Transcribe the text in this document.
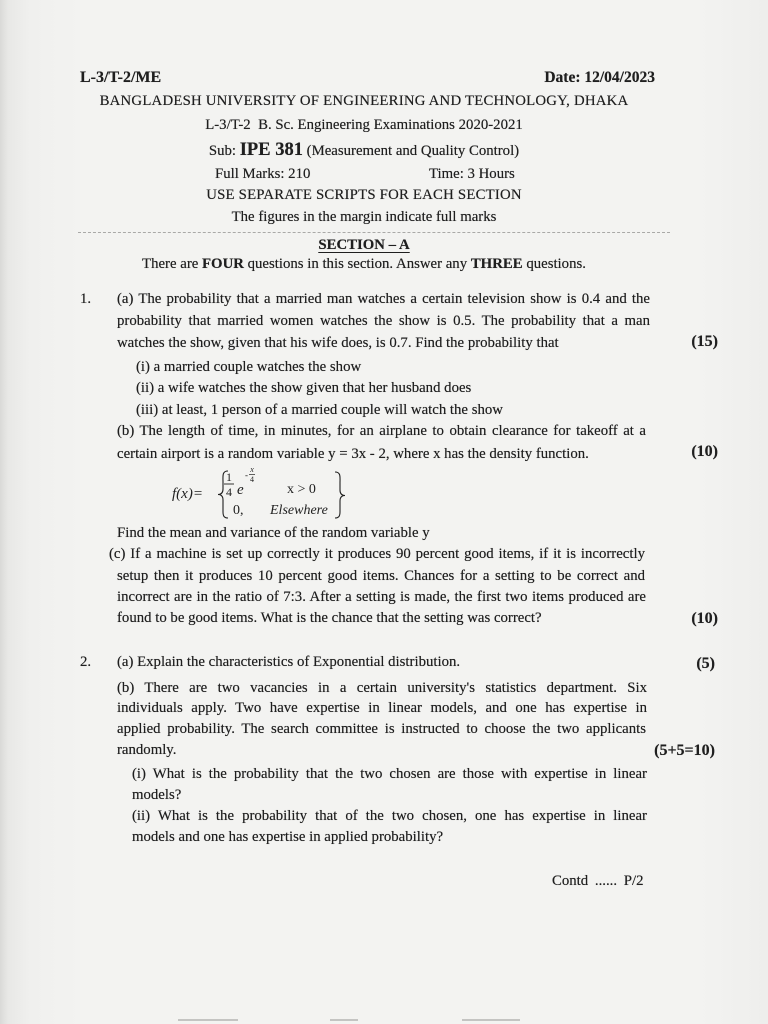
L-3/T-2/ME	Date: 12/04/2023
BANGLADESH UNIVERSITY OF ENGINEERING AND TECHNOLOGY, DHAKA
L-3/T-2  B. Sc. Engineering Examinations 2020-2021
Sub: IPE 381 (Measurement and Quality Control)
Full Marks: 210	Time: 3 Hours
USE SEPARATE SCRIPTS FOR EACH SECTION
The figures in the margin indicate full marks
SECTION – A
There are FOUR questions in this section. Answer any THREE questions.
1. (a) The probability that a married man watches a certain television show is 0.4 and the
probability that married women watches the show is 0.5. The probability that a man
watches the show, given that his wife does, is 0.7. Find the probability that	(15)
(i) a married couple watches the show
(ii) a wife watches the show given that her husband does
(iii) at least, 1 person of a married couple will watch the show
(b) The length of time, in minutes, for an airplane to obtain clearance for takeoff at a
certain airport is a random variable y = 3x - 2, where x has the density function.	(10)
f(x)=
1
4 e
-
x
4
x > 0
0, Elsewhere
Find the mean and variance of the random variable y
(c) If a machine is set up correctly it produces 90 percent good items, if it is incorrectly
setup then it produces 10 percent good items. Chances for a setting to be correct and
incorrect are in the ratio of 7:3. After a setting is made, the first two items produced are
found to be good items. What is the chance that the setting was correct?	(10)
2. (a) Explain the characteristics of Exponential distribution.	(5)
(b) There are two vacancies in a certain university's statistics department. Six
individuals apply. Two have expertise in linear models, and one has expertise in
applied probability. The search committee is instructed to choose the two applicants
randomly.	(5+5=10)
(i) What is the probability that the two chosen are those with expertise in linear
models?
(ii) What is the probability that of the two chosen, one has expertise in linear
models and one has expertise in applied probability?
Contd ...... P/2
